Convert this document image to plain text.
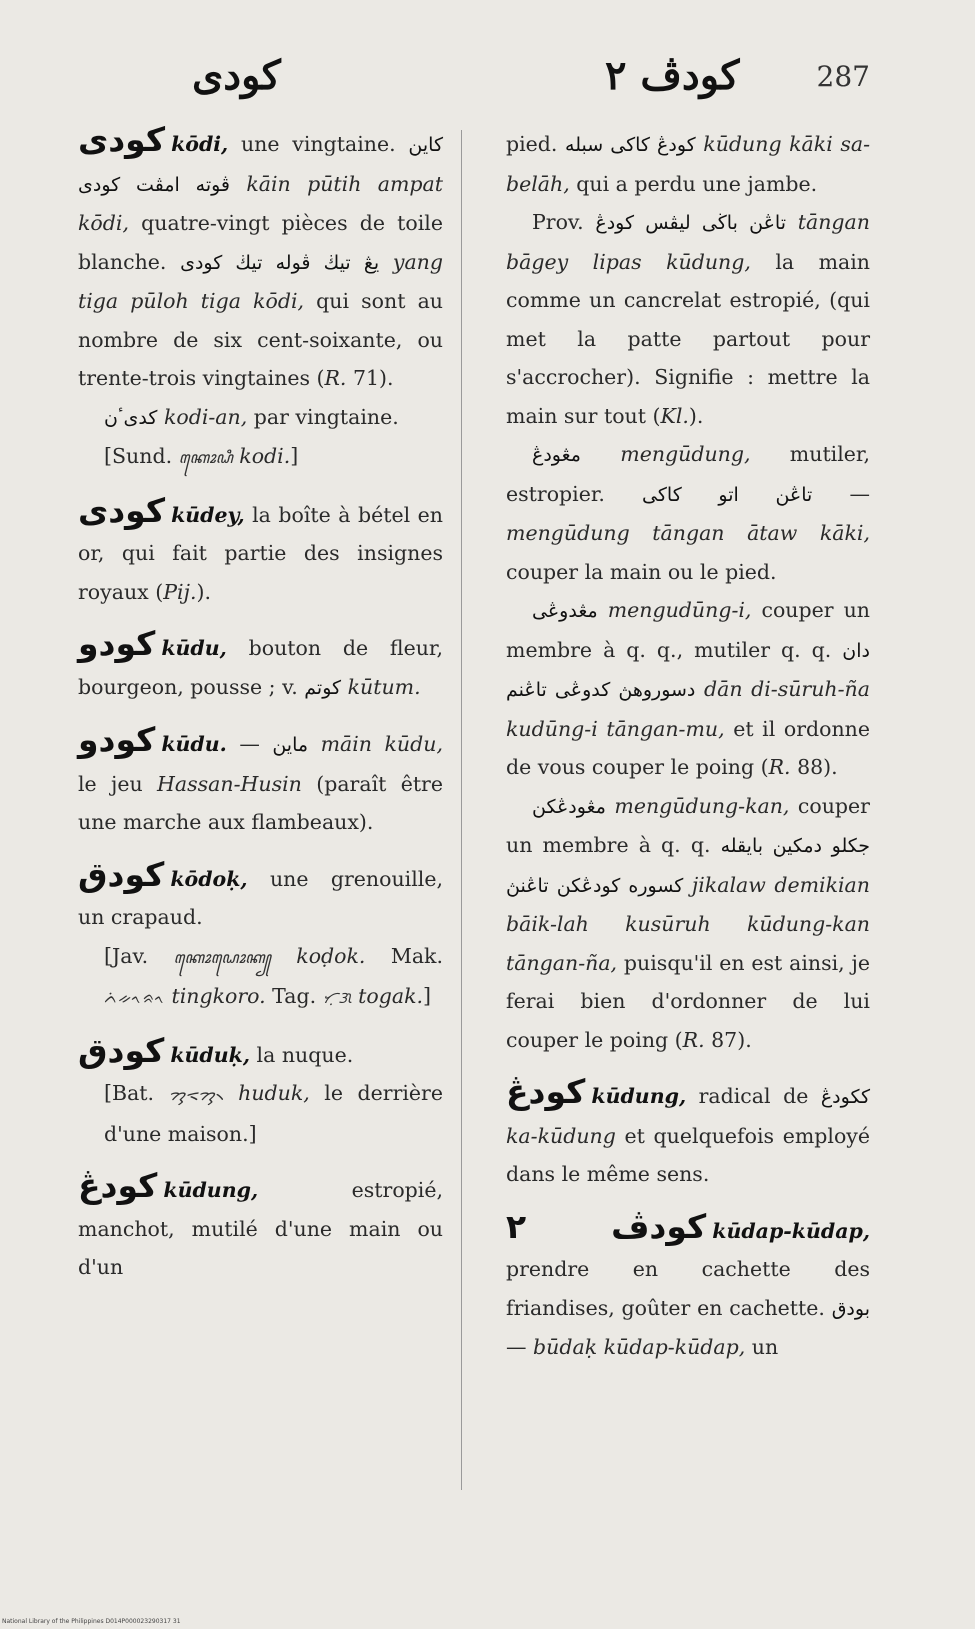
كودى	كودڤ ٢	287

كودى kōdi, une vingtaine. كاين ڤوته امڤت كودى kāin pūtih ampat kōdi, quatre-vingt pièces de toile blanche. يڠ تيڬ ڤوله تيڬ كودى yang tiga pūloh tiga kōdi, qui sont au nombre de six cent-soixante, ou trente-trois vingtaines (R. 71).

كدىٴن kodi-an, par vingtaine.

[Sund. ꦏꦺꦴꦝꦶ kodi.]

كودى kūdey, la boîte à bétel en or, qui fait partie des insignes royaux (Pij.).

كودو kūdu, bouton de fleur, bourgeon, pousse ; v. كوتم kūtum.

كودو kūdu. — ماين māin kūdu, le jeu Hassan-Husin (paraît être une marche aux flambeaux).

كودق kōdoḳ, une grenouille, un crapaud.

[Jav. ꦏꦺꦴꦝꦺꦴꦏ꧀ koḍok. Mak. ᨈᨗᨀᨚᨑᨚ tingkoro. Tag. ᜆᜓᜄ togak.]

كودق kūduḳ, la nuque.

[Bat. ᯂᯮᯑᯮᯂ᯲ huduk, le derrière d'une maison.]

كودڠ kūdung, estropié, manchot, mutilé d'une main ou d'un

pied. كودڠ كاكى سبله kūdung kāki sa-belāh, qui a perdu une jambe.

Prov. تاڠن باڬى ليڤس كودڠ tāngan bāgey lipas kūdung, la main comme un cancrelat estropié, (qui met la patte partout pour s'accrocher). Signifie : mettre la main sur tout (Kl.).

مڠودڠ mengūdung, mutiler, estropier. تاڠن اتو كاكى — mengūdung tāngan ātaw kāki, couper la main ou le pied.

مڠدوڠى mengudūng-i, couper un membre à q. q., mutiler q. q. دان دسوروهڽ كدوڠى تاڠنم dān di-sūruh-ña kudūng-i tāngan-mu, et il ordonne de vous couper le poing (R. 88).

مڠودڠكن mengūdung-kan, couper un membre à q. q. جكلو دمكين بايقله كسوره كودڠكن تاڠنڽ jikalaw demikian bāik-lah kusūruh kūdung-kan tāngan-ña, puisqu'il en est ainsi, je ferai bien d'ordonner de lui couper le poing (R. 87).

كودڠ kūdung, radical de ككودڠ ka-kūdung et quelquefois employé dans le même sens.

كودڤ ٢ kūdap-kūdap, prendre en cachette des friandises, goûter en cachette. بودق — būdaḳ kūdap-kūdap, un

National Library of the Philippines D014P000023290317 31
